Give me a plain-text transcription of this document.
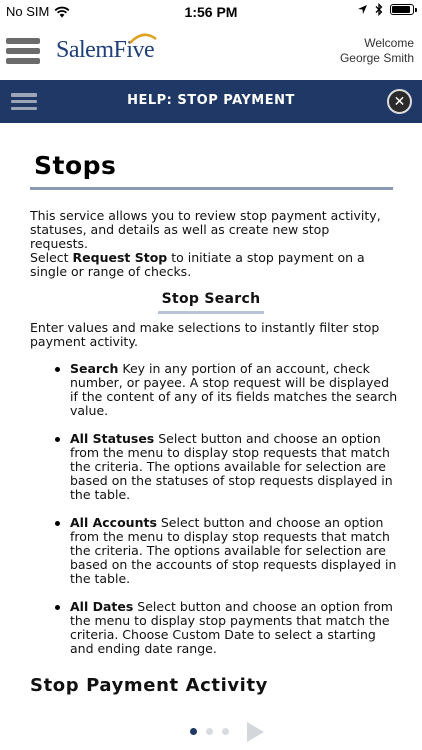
No SIM	1:56 PM
SalemFive	Welcome
George Smith
HELP: STOP PAYMENT	✕
Stops

This service allows you to review stop payment activity, statuses, and details as well as create new stop requests.

Select Request Stop to initiate a stop payment on a single or range of checks.

Stop Search

Enter values and make selections to instantly filter stop payment activity.

Search Key in any portion of an account, check number, or payee. A stop request will be displayed if the content of any of its fields matches the search value.
All Statuses Select button and choose an option from the menu to display stop requests that match the criteria. The options available for selection are based on the statuses of stop requests displayed in the table.
All Accounts Select button and choose an option from the menu to display stop requests that match the criteria. The options available for selection are based on the accounts of stop requests displayed in the table.
All Dates Select button and choose an option from the menu to display stop payments that match the criteria. Choose Custom Date to select a starting and ending date range.
Stop Payment Activity
